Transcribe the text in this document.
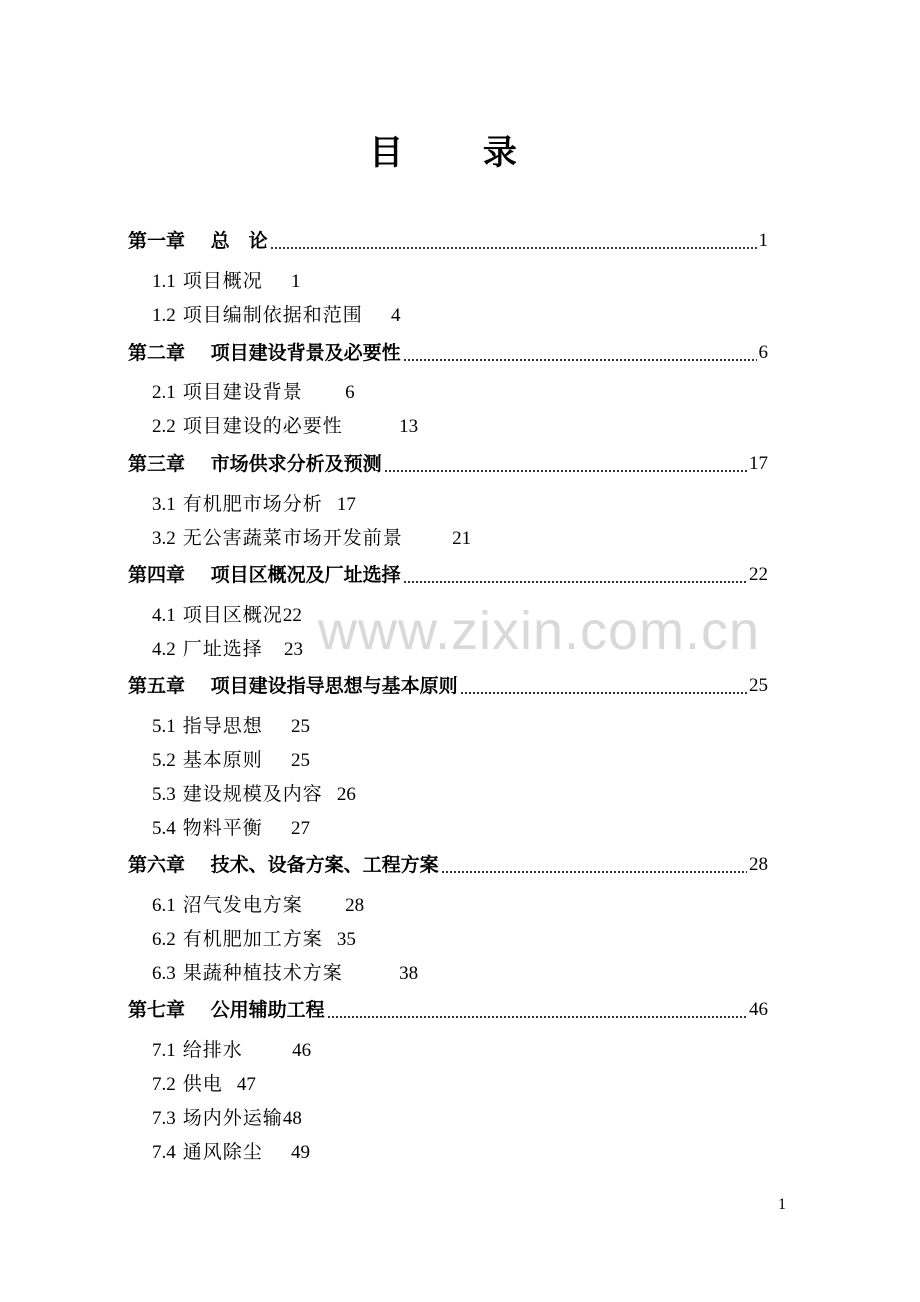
目 录
第一章　 总　论	1
1.1 项目概况 1
1.2 项目编制依据和范围 4
第二章　 项目建设背景及必要性	6
2.1 项目建设背景 6
2.2 项目建设的必要性	13
第三章　 市场供求分析及预测	17
3.1 有机肥市场分析 17
3.2 无公害蔬菜市场开发前景	21
第四章　 项目区概况及厂址选择	22
4.1 项目区概况22
4.2 厂址选择 23
第五章　 项目建设指导思想与基本原则	25
5.1 指导思想 25
5.2 基本原则 25
5.3 建设规模及内容 26
5.4 物料平衡 27
第六章　 技术、设备方案、工程方案	28
6.1 沼气发电方案 28
6.2 有机肥加工方案 35
6.3 果蔬种植技术方案	38
第七章　 公用辅助工程	46
7.1 给排水	46
7.2 供电 47
7.3 场内外运输48
7.4 通风除尘 49
www.zixin.com.cn
1
